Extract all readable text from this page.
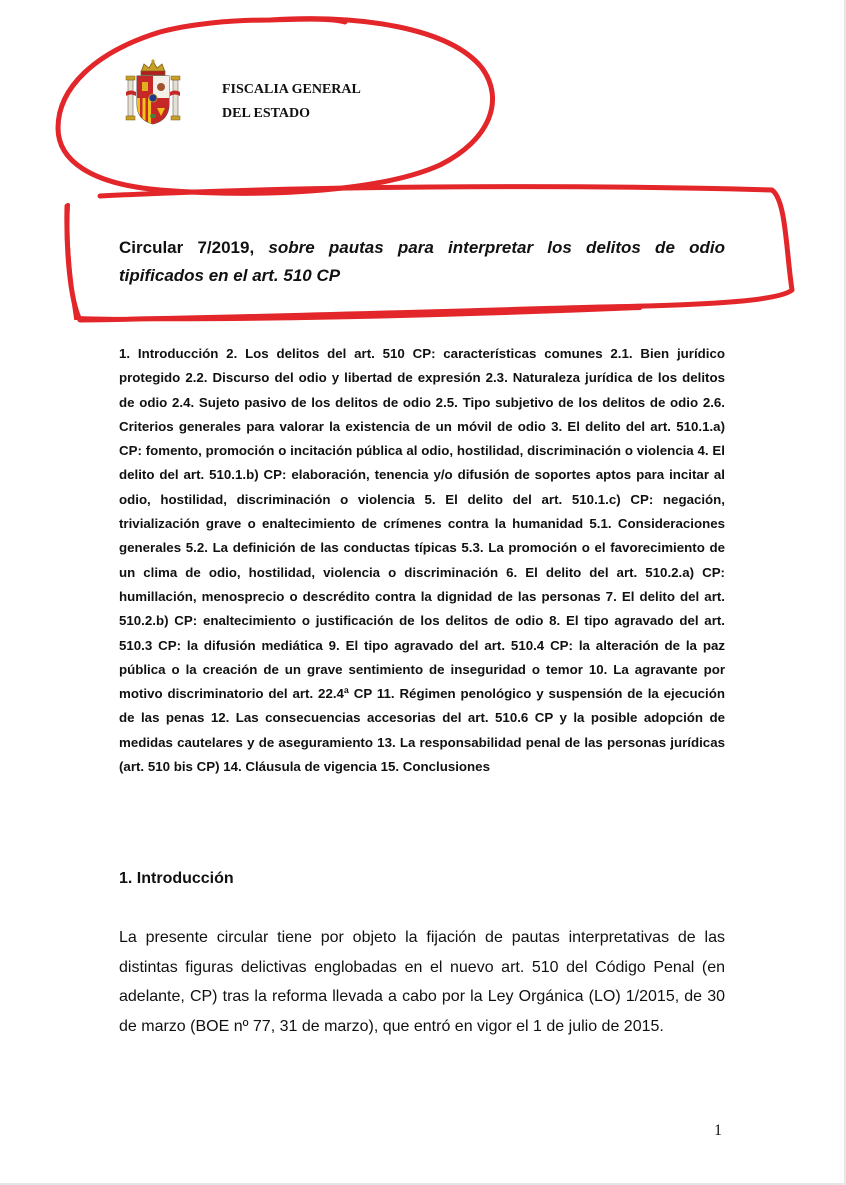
FISCALIA GENERAL
DEL ESTADO
Circular 7/2019, sobre pautas para interpretar los delitos de odio tipificados en el art. 510 CP
1. Introducción 2. Los delitos del art. 510 CP: características comunes 2.1. Bien jurídico protegido 2.2. Discurso del odio y libertad de expresión 2.3. Naturaleza jurídica de los delitos de odio 2.4. Sujeto pasivo de los delitos de odio 2.5. Tipo subjetivo de los delitos de odio 2.6. Criterios generales para valorar la existencia de un móvil de odio 3. El delito del art. 510.1.a) CP: fomento, promoción o incitación pública al odio, hostilidad, discriminación o violencia 4. El delito del art. 510.1.b) CP: elaboración, tenencia y/o difusión de soportes aptos para incitar al odio, hostilidad, discriminación o violencia 5. El delito del art. 510.1.c) CP: negación, trivialización grave o enaltecimiento de crímenes contra la humanidad 5.1. Consideraciones generales 5.2. La definición de las conductas típicas 5.3. La promoción o el favorecimiento de un clima de odio, hostilidad, violencia o discriminación 6. El delito del art. 510.2.a) CP: humillación, menosprecio o descrédito contra la dignidad de las personas 7. El delito del art. 510.2.b) CP: enaltecimiento o justificación de los delitos de odio 8. El tipo agravado del art. 510.3 CP: la difusión mediática 9. El tipo agravado del art. 510.4 CP: la alteración de la paz pública o la creación de un grave sentimiento de inseguridad o temor 10. La agravante por motivo discriminatorio del art. 22.4ª CP 11. Régimen penológico y suspensión de la ejecución de las penas 12. Las consecuencias accesorias del art. 510.6 CP y la posible adopción de medidas cautelares y de aseguramiento 13. La responsabilidad penal de las personas jurídicas (art. 510 bis CP) 14. Cláusula de vigencia 15. Conclusiones
1. Introducción
La presente circular tiene por objeto la fijación de pautas interpretativas de las distintas figuras delictivas englobadas en el nuevo art. 510 del Código Penal (en adelante, CP) tras la reforma llevada a cabo por la Ley Orgánica (LO) 1/2015, de 30 de marzo (BOE nº 77, 31 de marzo), que entró en vigor el 1 de julio de 2015.
1
